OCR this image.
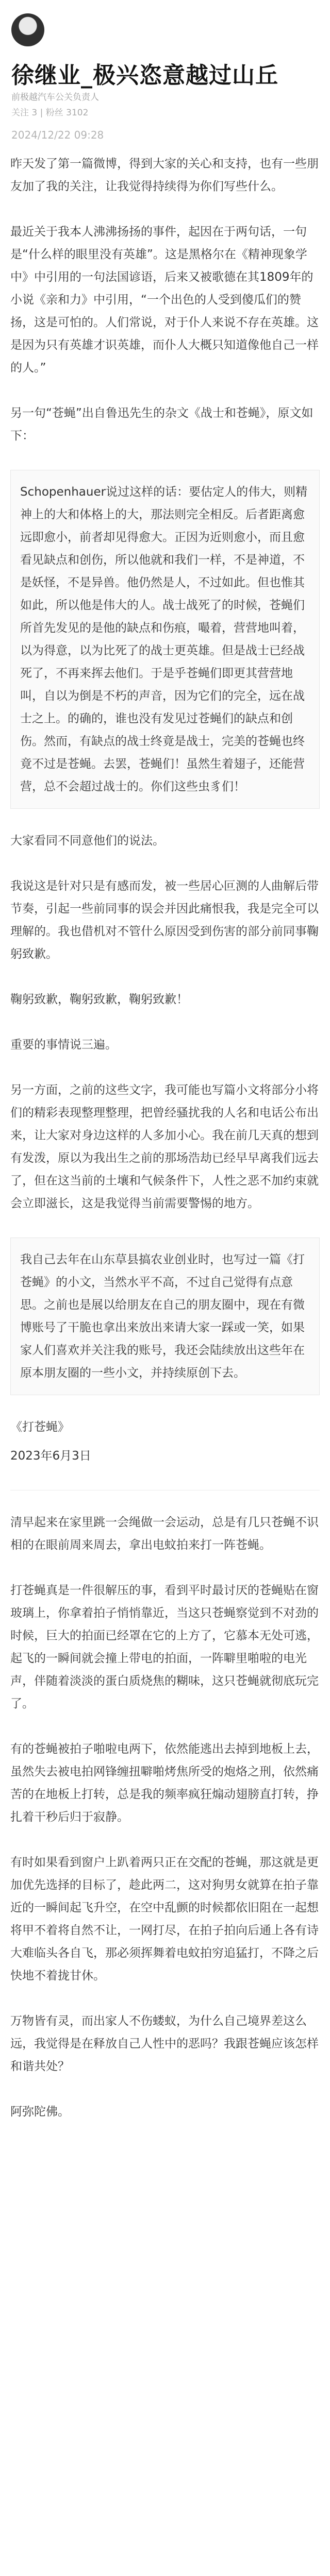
徐继业_极兴恣意越过山丘
前极越汽车公关负责人
关注 3 | 粉丝 3102
2024/12/22 09:28

昨天发了第一篇微博，得到大家的关心和支持，也有一些朋友加了我的关注，让我觉得持续得为你们写些什么。

最近关于我本人沸沸扬扬的事件，起因在于两句话，一句是“什么样的眼里没有英雄”。这是黑格尔在《精神现象学中》中引用的一句法国谚语，后来又被歌德在其1809年的小说《亲和力》中引用，“一个出色的人受到傻瓜们的赞扬，这是可怕的。人们常说，对于仆人来说不存在英雄。这是因为只有英雄才识英雄，而仆人大概只知道像他自己一样的人。”

另一句“苍蝇”出自鲁迅先生的杂文《战士和苍蝇》，原文如下：

Schopenhauer说过这样的话：要估定人的伟大，则精神上的大和体格上的大，那法则完全相反。后者距离愈远即愈小，前者却见得愈大。正因为近则愈小，而且愈看见缺点和创伤，所以他就和我们一样，不是神道，不是妖怪，不是异兽。他仍然是人，不过如此。但也惟其如此，所以他是伟大的人。战士战死了的时候，苍蝇们所首先发见的是他的缺点和伤痕，嘬着，营营地叫着，以为得意，以为比死了的战士更英雄。但是战士已经战死了，不再来挥去他们。于是乎苍蝇们即更其营营地叫，自以为倒是不朽的声音，因为它们的完全，远在战士之上。的确的，谁也没有发见过苍蝇们的缺点和创伤。然而，有缺点的战士终竟是战士，完美的苍蝇也终竟不过是苍蝇。去罢，苍蝇们！虽然生着翅子，还能营营，总不会超过战士的。你们这些虫豸们！

大家看同不同意他们的说法。

我说这是针对只是有感而发，被一些居心叵测的人曲解后带节奏，引起一些前同事的误会并因此痛恨我，我是完全可以理解的。我也借机对不管什么原因受到伤害的部分前同事鞠躬致歉。

鞠躬致歉，鞠躬致歉，鞠躬致歉！

重要的事情说三遍。

另一方面，之前的这些文字，我可能也写篇小文将部分小将们的精彩表现整理整理，把曾经骚扰我的人名和电话公布出来，让大家对身边这样的人多加小心。我在前几天真的想到有发泼，原以为我出生之前的那场浩劫已经早早离我们远去了，但在这当前的土壤和气候条件下，人性之恶不加约束就会立即滋长，这是我觉得当前需要警惕的地方。

我自己去年在山东草县搞农业创业时，也写过一篇《打苍蝇》的小文，当然水平不高，不过自己觉得有点意思。之前也是展以给朋友在自己的朋友圈中，现在有微博账号了干脆也拿出来放出来请大家一踩或一笑，如果家人们喜欢并关注我的账号，我还会陆续放出这些年在原本朋友圈的一些小文，并持续原创下去。

《打苍蝇》

2023年6月3日

清早起来在家里跳一会绳做一会运动，总是有几只苍蝇不识相的在眼前周来周去，拿出电蚊拍来打一阵苍蝇。

打苍蝇真是一件很解压的事，看到平时最讨厌的苍蝇贴在窗玻璃上，你拿着拍子悄悄靠近，当这只苍蝇察觉到不对劲的时候，巨大的拍面已经罩在它的上方了，它慕本无处可逃，起飞的一瞬间就会撞上带电的拍面，一阵噼里啪啦的电光声，伴随着淡淡的蛋白质烧焦的糊味，这只苍蝇就彻底玩完了。

有的苍蝇被拍子啪啦电两下，依然能逃出去掉到地板上去，虽然失去被电拍网锋缠扭噼啪烤焦所受的炮烙之刑，依然痛苦的在地板上打转，总是我的频率疯狂煽动翅膀直打转，挣扎着干秒后归于寂静。

有时如果看到窗户上趴着两只正在交配的苍蝇，那这就是更加优先选择的目标了，趁此两二，这对狗男女就算在拍子靠近的一瞬间起飞升空，在空中乱颤的时候都依旧阻在一起想将甲不着将自然不让，一网打尽，在拍子拍向后通上各有诗大难临头各自飞，那必须挥舞着电蚊拍穷追猛打，不降之后快地不着拢甘休。

万物皆有灵，而出家人不伤蝼蚁，为什么自己境界差这么远，我觉得是在释放自己人性中的恶吗？我跟苍蝇应该怎样和谐共处？

阿弥陀佛。
